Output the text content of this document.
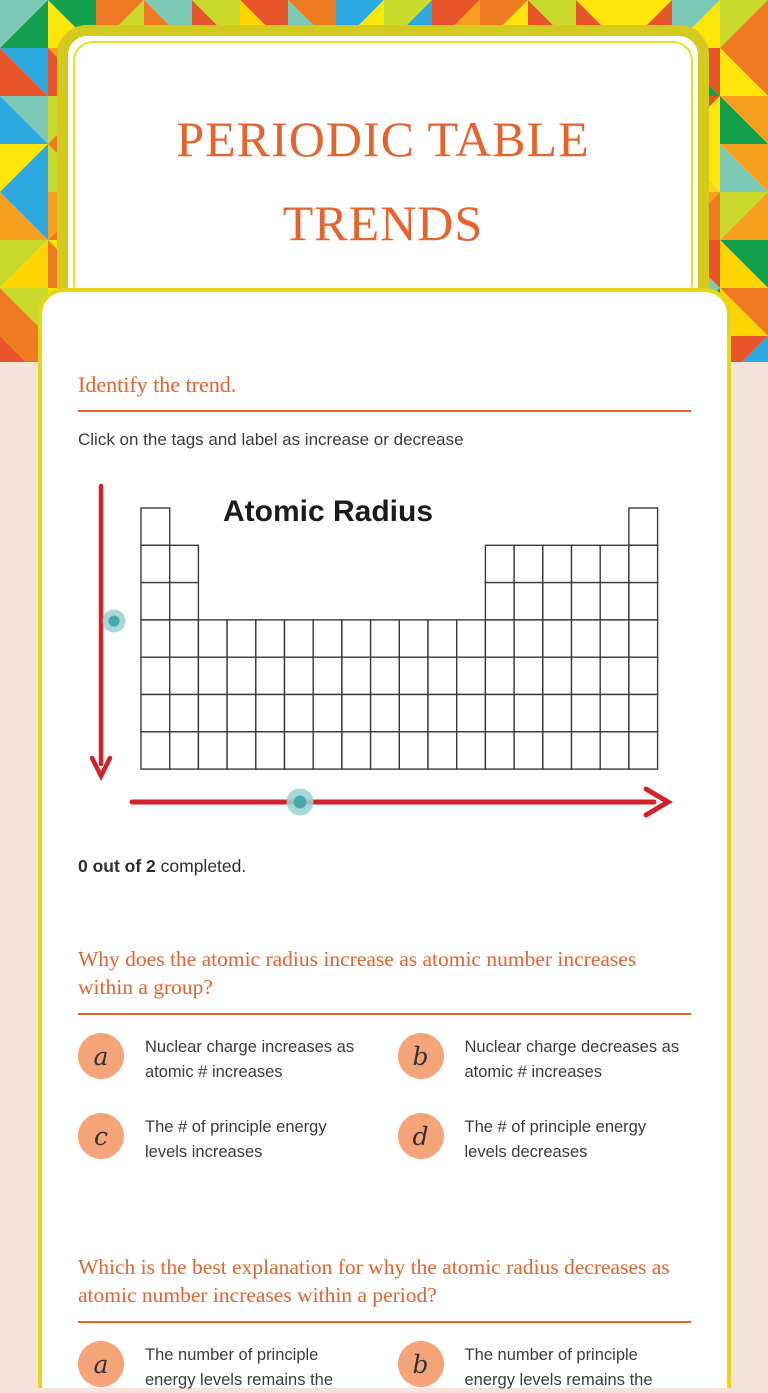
PERIODIC TABLE TRENDS
Identify the trend.
Click on the tags and label as increase or decrease
Atomic Radius
0 out of 2 completed.
Why does the atomic radius increase as atomic number increases within a group?
a	Nuclear charge increases as atomic # increases
b	Nuclear charge decreases as atomic # increases
c	The # of principle energy levels increases
d	The # of principle energy levels decreases
Which is the best explanation for why the atomic radius decreases as atomic number increases within a period?
a	The number of principle energy levels remains the
b	The number of principle energy levels remains the
